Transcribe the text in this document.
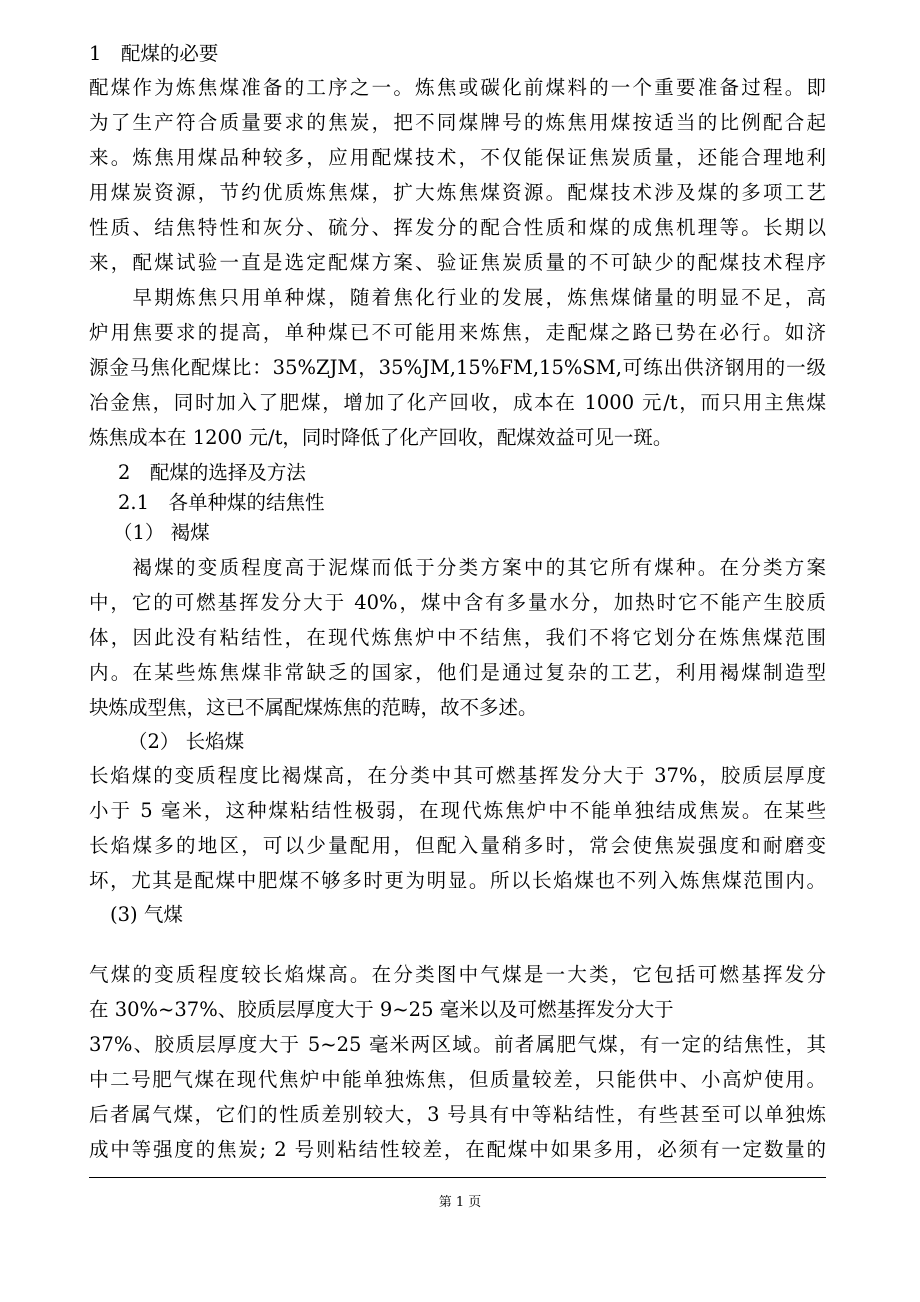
1　配煤的必要
配煤作为炼焦煤准备的工序之一。炼焦或碳化前煤料的一个重要准备过程。即
为了生产符合质量要求的焦炭，把不同煤牌号的炼焦用煤按适当的比例配合起
来。炼焦用煤品种较多，应用配煤技术，不仅能保证焦炭质量，还能合理地利
用煤炭资源，节约优质炼焦煤，扩大炼焦煤资源。配煤技术涉及煤的多项工艺
性质、结焦特性和灰分、硫分、挥发分的配合性质和煤的成焦机理等。长期以
来，配煤试验一直是选定配煤方案、验证焦炭质量的不可缺少的配煤技术程序
　　早期炼焦只用单种煤，随着焦化行业的发展，炼焦煤储量的明显不足，高
炉用焦要求的提高，单种煤已不可能用来炼焦，走配煤之路已势在必行。如济
源金马焦化配煤比：35%ZJM，35%JM,15%FM,15%SM,可练出供济钢用的一级
冶金焦，同时加入了肥煤，增加了化产回收，成本在 1000 元/t，而只用主焦煤
炼焦成本在 1200 元/t，同时降低了化产回收，配煤效益可见一斑。
2　配煤的选择及方法
2.1　各单种煤的结焦性
（1） 褐煤
　　褐煤的变质程度高于泥煤而低于分类方案中的其它所有煤种。在分类方案
中，它的可燃基挥发分大于 40%，煤中含有多量水分，加热时它不能产生胶质
体，因此没有粘结性，在现代炼焦炉中不结焦，我们不将它划分在炼焦煤范围
内。在某些炼焦煤非常缺乏的国家，他们是通过复杂的工艺，利用褐煤制造型
块炼成型焦，这已不属配煤炼焦的范畴，故不多述。
（2） 长焰煤
长焰煤的变质程度比褐煤高，在分类中其可燃基挥发分大于 37%，胶质层厚度
小于 5 毫米，这种煤粘结性极弱，在现代炼焦炉中不能单独结成焦炭。在某些
长焰煤多的地区，可以少量配用，但配入量稍多时，常会使焦炭强度和耐磨变
坏，尤其是配煤中肥煤不够多时更为明显。所以长焰煤也不列入炼焦煤范围内。
(3) 气煤
气煤的变质程度较长焰煤高。在分类图中气煤是一大类，它包括可燃基挥发分
在 30%~37%、胶质层厚度大于 9~25 毫米以及可燃基挥发分大于
37%、胶质层厚度大于 5~25 毫米两区域。前者属肥气煤，有一定的结焦性，其
中二号肥气煤在现代焦炉中能单独炼焦，但质量较差，只能供中、小高炉使用。
后者属气煤，它们的性质差别较大，3 号具有中等粘结性，有些甚至可以单独炼
成中等强度的焦炭; 2 号则粘结性较差，在配煤中如果多用，必须有一定数量的
第 1 页
